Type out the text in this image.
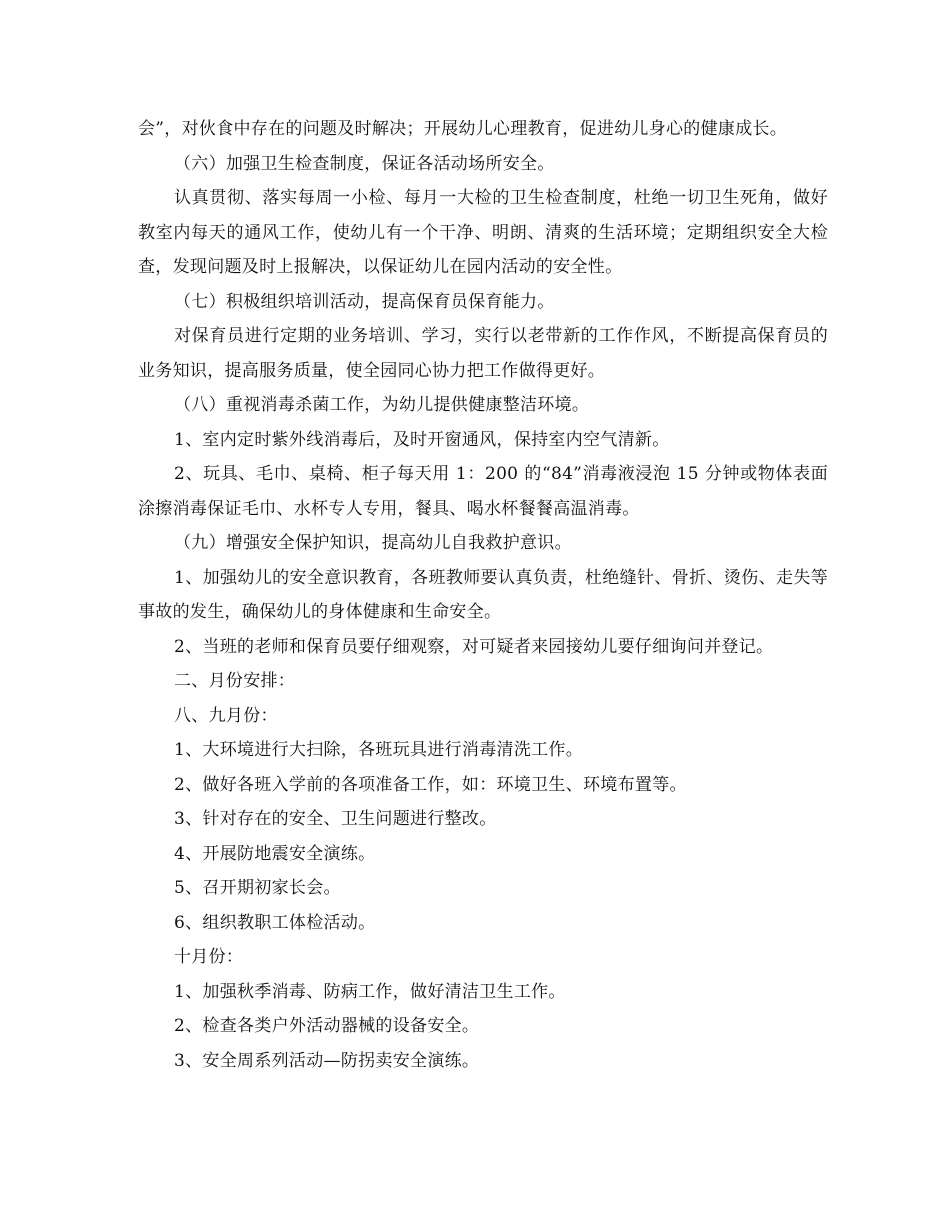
会”，对伙食中存在的问题及时解决；开展幼儿心理教育，促进幼儿身心的健康成长。

（六）加强卫生检查制度，保证各活动场所安全。

认真贯彻、落实每周一小检、每月一大检的卫生检查制度，杜绝一切卫生死角，做好教室内每天的通风工作，使幼儿有一个干净、明朗、清爽的生活环境；定期组织安全大检查，发现问题及时上报解决，以保证幼儿在园内活动的安全性。

（七）积极组织培训活动，提高保育员保育能力。

对保育员进行定期的业务培训、学习，实行以老带新的工作作风，不断提高保育员的业务知识，提高服务质量，使全园同心协力把工作做得更好。

（八）重视消毒杀菌工作，为幼儿提供健康整洁环境。

1、室内定时紫外线消毒后，及时开窗通风，保持室内空气清新。

2、玩具、毛巾、桌椅、柜子每天用 1：200 的“84”消毒液浸泡 15 分钟或物体表面涂擦消毒保证毛巾、水杯专人专用，餐具、喝水杯餐餐高温消毒。

（九）增强安全保护知识，提高幼儿自我救护意识。

1、加强幼儿的安全意识教育，各班教师要认真负责，杜绝缝针、骨折、烫伤、走失等事故的发生，确保幼儿的身体健康和生命安全。

2、当班的老师和保育员要仔细观察，对可疑者来园接幼儿要仔细询问并登记。

二、月份安排：

八、九月份：

1、大环境进行大扫除，各班玩具进行消毒清洗工作。

2、做好各班入学前的各项准备工作，如：环境卫生、环境布置等。

3、针对存在的安全、卫生问题进行整改。

4、开展防地震安全演练。

5、召开期初家长会。

6、组织教职工体检活动。

十月份：

1、加强秋季消毒、防病工作，做好清洁卫生工作。

2、检查各类户外活动器械的设备安全。

3、安全周系列活动—防拐卖安全演练。
